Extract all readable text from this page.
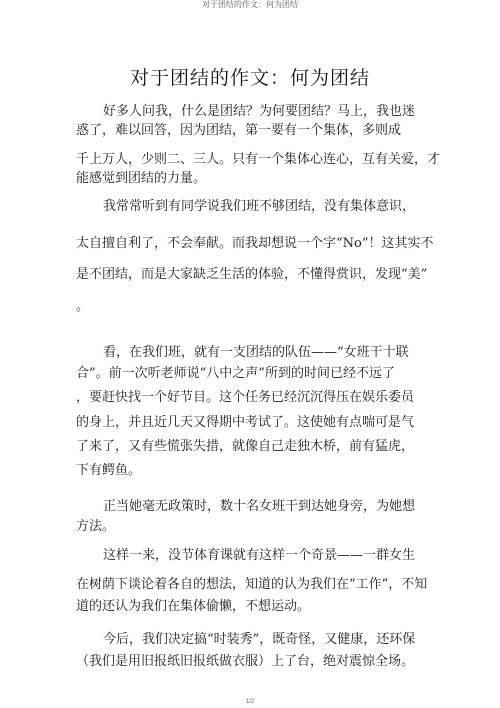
对于团结的作文：何为团结
对于团结的作文：何为团结
好多人问我，什么是团结？为何要团结？马上，我也迷
惑了，难以回答，因为团结，第一要有一个集体，多则成
千上万人，少则二、三人。只有一个集体心连心，互有关爱，才
能感觉到团结的力量。
我常常听到有同学说我们班不够团结，没有集体意识，
太自擅自利了，不会奉献。而我却想说一个字“No”！这其实不
是不团结，而是大家缺乏生活的体验，不懂得赏识，发现“美”
。
看，在我们班，就有一支团结的队伍——“女班干十联
合”。前一次听老师说“八中之声”所到的时间已经不远了
，要赶快找一个好节目。这个任务已经沉沉得压在娱乐委员
的身上，并且近几天又得期中考试了。这使她有点喘可是气
了来了，又有些慌张失措，就像自己走独木桥，前有猛虎，
下有鳄鱼。
正当她毫无政策时，数十名女班干到达她身旁，为她想
方法。
这样一来，没节体育课就有这样一个奇景——一群女生
在树荫下谈论着各自的想法，知道的认为我们在“工作”，不知
道的还认为我们在集体偷懒，不想运动。
今后，我们决定搞“时装秀”，既奇怪，又健康，还环保
（我们是用旧报纸旧报纸做衣服）上了台，绝对震惊全场。
1/2
